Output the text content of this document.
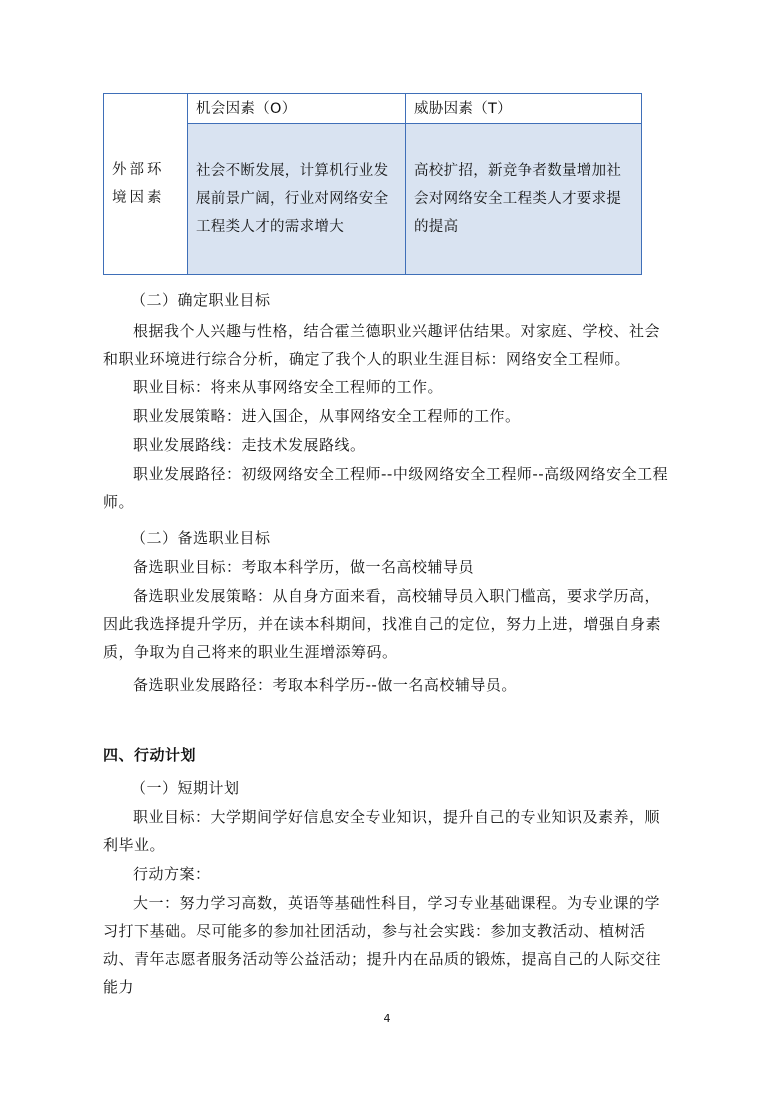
外部环境因素	机会因素（O）	威胁因素（T）
	社会不断发展，计算机行业发展前景广阔，行业对网络安全工程类人才的需求增大	高校扩招，新竞争者数量增加社会对网络安全工程类人才要求提的提高

（二）确定职业目标

根据我个人兴趣与性格，结合霍兰德职业兴趣评估结果。对家庭、学校、社会和职业环境进行综合分析，确定了我个人的职业生涯目标：网络安全工程师。

职业目标：将来从事网络安全工程师的工作。

职业发展策略：进入国企，从事网络安全工程师的工作。

职业发展路线：走技术发展路线。

职业发展路径：初级网络安全工程师--中级网络安全工程师--高级网络安全工程师。

（二）备选职业目标

备选职业目标：考取本科学历，做一名高校辅导员

备选职业发展策略：从自身方面来看，高校辅导员入职门槛高，要求学历高，因此我选择提升学历，并在读本科期间，找准自己的定位，努力上进，增强自身素质，争取为自己将来的职业生涯增添筹码。

备选职业发展路径：考取本科学历--做一名高校辅导员。

四、行动计划

（一）短期计划

职业目标：大学期间学好信息安全专业知识，提升自己的专业知识及素养，顺利毕业。

行动方案：

大一：努力学习高数，英语等基础性科目，学习专业基础课程。为专业课的学习打下基础。尽可能多的参加社团活动，参与社会实践：参加支教活动、植树活动、青年志愿者服务活动等公益活动；提升内在品质的锻炼，提高自己的人际交往能力

4
